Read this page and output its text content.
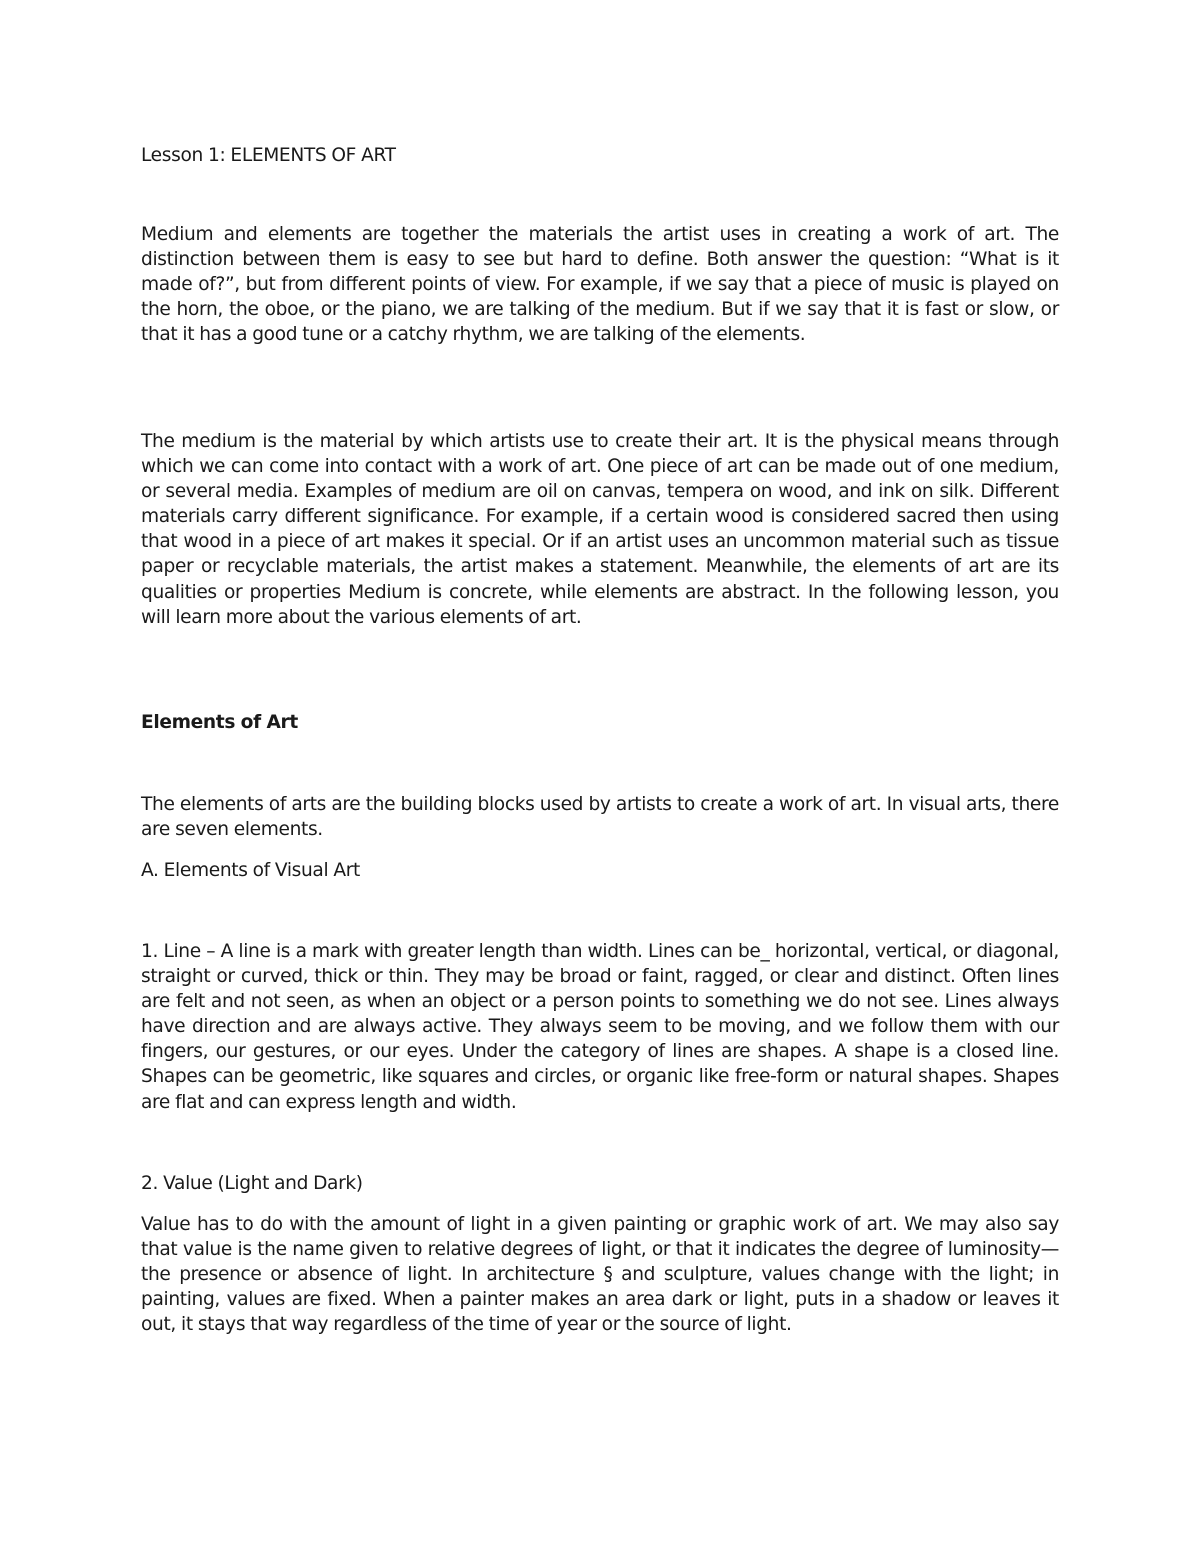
Lesson 1: ELEMENTS OF ART

Medium and elements are together the materials the artist uses in creating a work of art. The distinction between them is easy to see but hard to define. Both answer the question: “What is it made of?”, but from different points of view. For example, if we say that a piece of music is played on the horn, the oboe, or the piano, we are talking of the medium. But if we say that it is fast or slow, or that it has a good tune or a catchy rhythm, we are talking of the elements.

The medium is the material by which artists use to create their art. It is the physical means through which we can come into contact with a work of art. One piece of art can be made out of one medium, or several media. Examples of medium are oil on canvas, tempera on wood, and ink on silk. Different materials carry different significance. For example, if a certain wood is considered sacred then using that wood in a piece of art makes it special. Or if an artist uses an uncommon material such as tissue paper or recyclable materials, the artist makes a statement. Meanwhile, the elements of art are its qualities or properties Medium is concrete, while elements are abstract. In the following lesson, you will learn more about the various elements of art.

Elements of Art

The elements of arts are the building blocks used by artists to create a work of art. In visual arts, there are seven elements.

A. Elements of Visual Art

1. Line – A line is a mark with greater length than width. Lines can be_ horizontal, vertical, or diagonal, straight or curved, thick or thin. They may be broad or faint, ragged, or clear and distinct. Often lines are felt and not seen, as when an object or a person points to something we do not see. Lines always have direction and are always active. They always seem to be moving, and we follow them with our fingers, our gestures, or our eyes. Under the category of lines are shapes. A shape is a closed line. Shapes can be geometric, like squares and circles, or organic like free-form or natural shapes. Shapes are flat and can express length and width.

2. Value (Light and Dark)

Value has to do with the amount of light in a given painting or graphic work of art. We may also say that value is the name given to relative degrees of light, or that it indicates the degree of luminosity—the presence or absence of light. In architecture § and sculpture, values change with the light; in painting, values are fixed. When a painter makes an area dark or light, puts in a shadow or leaves it out, it stays that way regardless of the time of year or the source of light.
